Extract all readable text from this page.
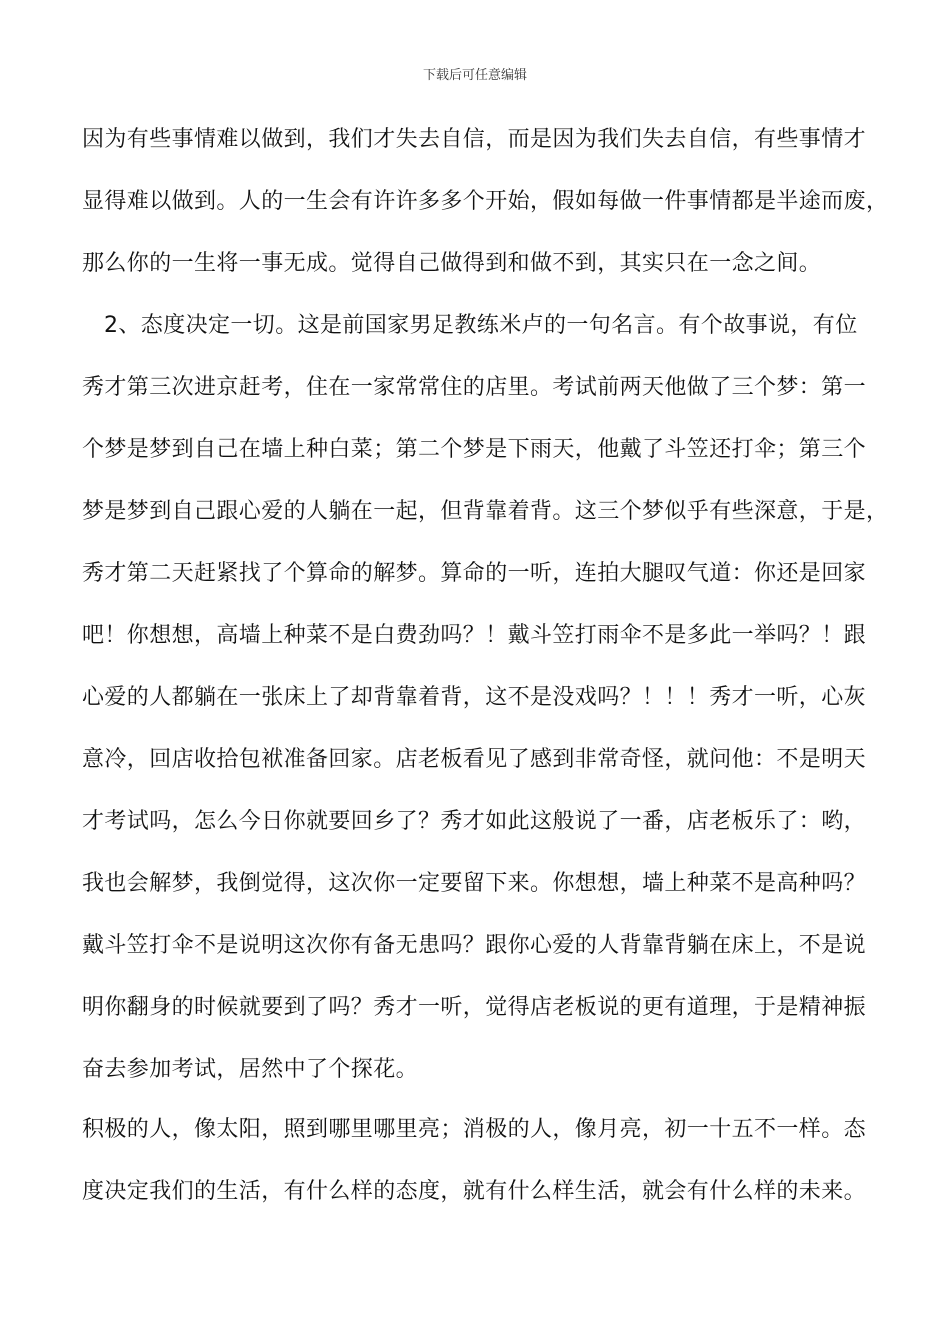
下载后可任意编辑
因为有些事情难以做到，我们才失去自信，而是因为我们失去自信，有些事情才
显得难以做到。人的一生会有许许多多个开始，假如每做一件事情都是半途而废，
那么你的一生将一事无成。觉得自己做得到和做不到，其实只在一念之间。
2、态度决定一切。这是前国家男足教练米卢的一句名言。有个故事说，有位
秀才第三次进京赶考，住在一家常常住的店里。考试前两天他做了三个梦：第一
个梦是梦到自己在墙上种白菜；第二个梦是下雨天，他戴了斗笠还打伞；第三个
梦是梦到自己跟心爱的人躺在一起，但背靠着背。这三个梦似乎有些深意，于是，
秀才第二天赶紧找了个算命的解梦。算命的一听，连拍大腿叹气道：你还是回家
吧！你想想，高墙上种菜不是白费劲吗？！戴斗笠打雨伞不是多此一举吗？！跟
心爱的人都躺在一张床上了却背靠着背，这不是没戏吗？！！！秀才一听，心灰
意冷，回店收拾包袱准备回家。店老板看见了感到非常奇怪，就问他：不是明天
才考试吗，怎么今日你就要回乡了？秀才如此这般说了一番，店老板乐了：哟，
我也会解梦，我倒觉得，这次你一定要留下来。你想想，墙上种菜不是高种吗？
戴斗笠打伞不是说明这次你有备无患吗？跟你心爱的人背靠背躺在床上，不是说
明你翻身的时候就要到了吗？秀才一听，觉得店老板说的更有道理，于是精神振
奋去参加考试，居然中了个探花。
积极的人，像太阳，照到哪里哪里亮；消极的人，像月亮，初一十五不一样。态
度决定我们的生活，有什么样的态度，就有什么样生活，就会有什么样的未来。
